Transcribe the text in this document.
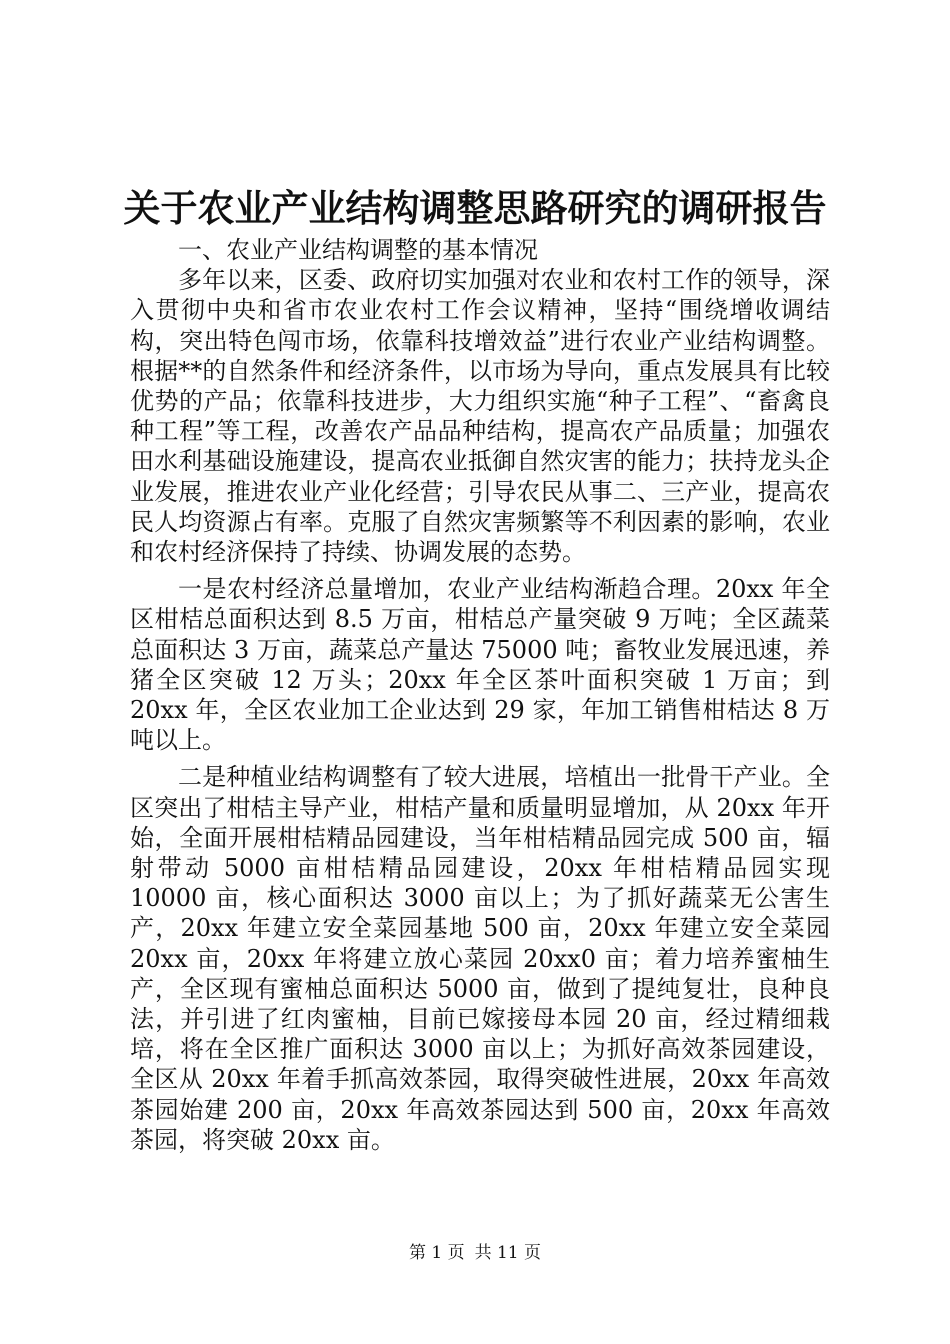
关于农业产业结构调整思路研究的调研报告

一、农业产业结构调整的基本情况

多年以来，区委、政府切实加强对农业和农村工作的领导，深入贯彻中央和省市农业农村工作会议精神，坚持“围绕增收调结构，突出特色闯市场，依靠科技增效益”进行农业产业结构调整。根据**的自然条件和经济条件，以市场为导向，重点发展具有比较优势的产品；依靠科技进步，大力组织实施“种子工程”、“畜禽良种工程”等工程，改善农产品品种结构，提高农产品质量；加强农田水利基础设施建设，提高农业抵御自然灾害的能力；扶持龙头企业发展，推进农业产业化经营；引导农民从事二、三产业，提高农民人均资源占有率。克服了自然灾害频繁等不利因素的影响，农业和农村经济保持了持续、协调发展的态势。

一是农村经济总量增加，农业产业结构渐趋合理。20xx 年全区柑桔总面积达到 8.5 万亩，柑桔总产量突破 9 万吨；全区蔬菜总面积达 3 万亩，蔬菜总产量达 75000 吨；畜牧业发展迅速，养猪全区突破 12 万头；20xx 年全区茶叶面积突破 1 万亩；到 20xx 年，全区农业加工企业达到 29 家，年加工销售柑桔达 8 万吨以上。

二是种植业结构调整有了较大进展，培植出一批骨干产业。全区突出了柑桔主导产业，柑桔产量和质量明显增加，从 20xx 年开始，全面开展柑桔精品园建设，当年柑桔精品园完成 500 亩，辐射带动 5000 亩柑桔精品园建设，20xx 年柑桔精品园实现 10000 亩，核心面积达 3000 亩以上；为了抓好蔬菜无公害生产，20xx 年建立安全菜园基地 500 亩，20xx 年建立安全菜园 20xx 亩，20xx 年将建立放心菜园 20xx0 亩；着力培养蜜柚生产，全区现有蜜柚总面积达 5000 亩，做到了提纯复壮，良种良法，并引进了红肉蜜柚，目前已嫁接母本园 20 亩，经过精细栽培，将在全区推广面积达 3000 亩以上；为抓好高效茶园建设，全区从 20xx 年着手抓高效茶园，取得突破性进展，20xx 年高效茶园始建 200 亩，20xx 年高效茶园达到 500 亩，20xx 年高效茶园，将突破 20xx 亩。

第 1 页 共 11 页
